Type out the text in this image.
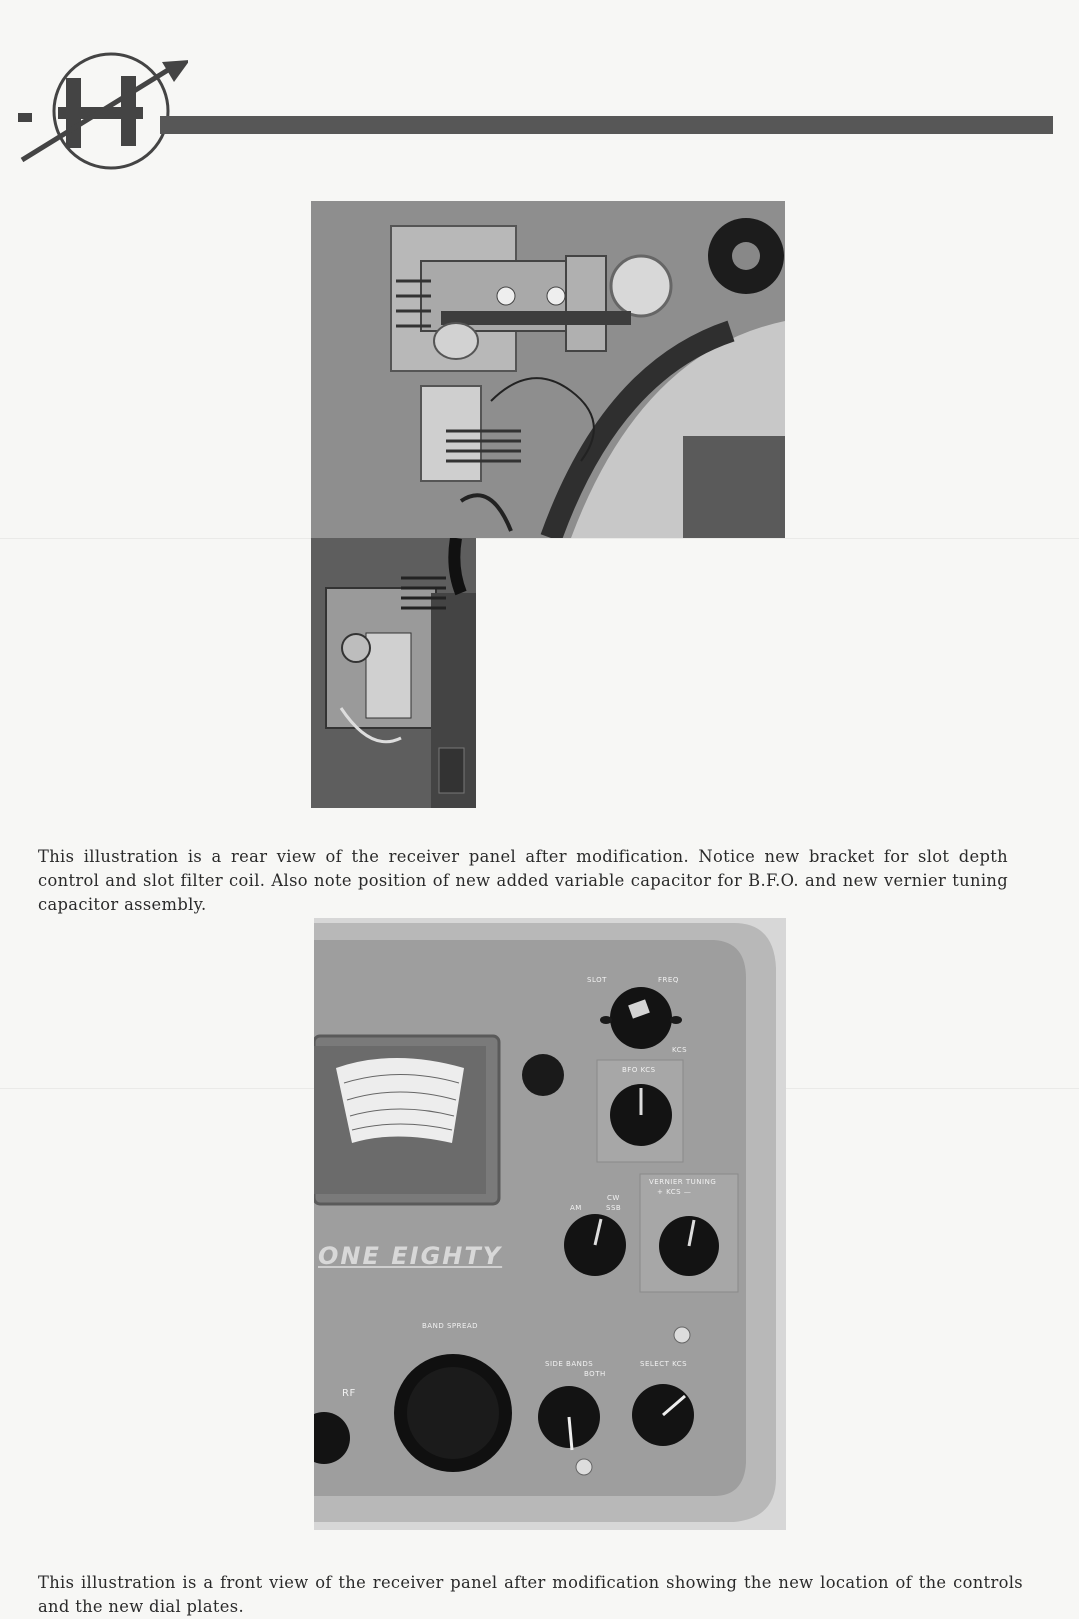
This illustration is a rear view of the receiver panel after modification. Notice new bracket for slot depth control and slot filter coil. Also note position of new added variable capacitor for B.F.O. and new vernier tuning capacitor assembly.

SLOT	FREQ
KCS
BFO KCS
VERNIER TUNING
+ KCS —
AM
CW
SSB
BAND SPREAD
SIDE BANDS
BOTH
SELECT KCS
RF
ONE EIGHTY

This illustration is a front view of the receiver panel after modification showing the new location of the controls and the new dial plates.
